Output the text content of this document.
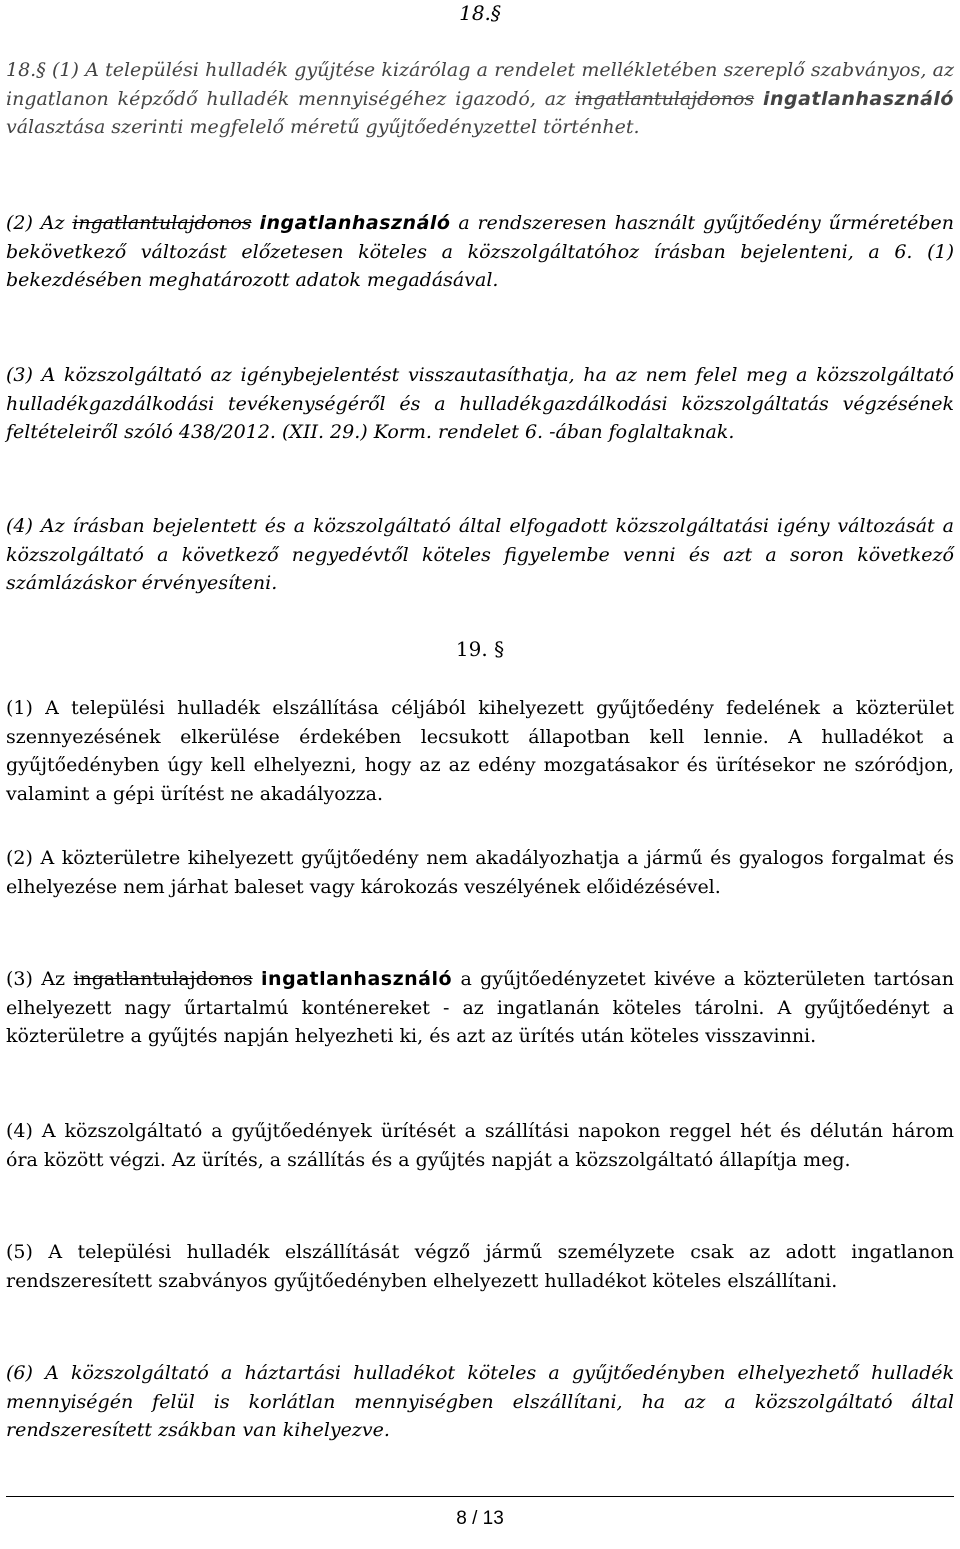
18.§

18.§ (1) A települési hulladék gyűjtése kizárólag a rendelet mellékletében szereplő szabványos, az ingatlanon képződő hulladék mennyiségéhez igazodó, az ingatlantulajdonos ingatlanhasználó választása szerinti megfelelő méretű gyűjtőedényzettel történhet.

(2) Az ingatlantulajdonos ingatlanhasználó a rendszeresen használt gyűjtőedény űrméretében bekövetkező változást előzetesen köteles a közszolgáltatóhoz írásban bejelenteni, a 6. (1) bekezdésében meghatározott adatok megadásával.

(3) A közszolgáltató az igénybejelentést visszautasíthatja, ha az nem felel meg a közszolgáltató hulladékgazdálkodási tevékenységéről és a hulladékgazdálkodási közszolgáltatás végzésének feltételeiről szóló 438/2012. (XII. 29.) Korm. rendelet 6. -ában foglaltaknak.

(4) Az írásban bejelentett és a közszolgáltató által elfogadott közszolgáltatási igény változását a közszolgáltató a következő negyedévtől köteles figyelembe venni és azt a soron következő számlázáskor érvényesíteni.

19. §

(1) A települési hulladék elszállítása céljából kihelyezett gyűjtőedény fedelének a közterület szennyezésének elkerülése érdekében lecsukott állapotban kell lennie. A hulladékot a gyűjtőedényben úgy kell elhelyezni, hogy az az edény mozgatásakor és ürítésekor ne szóródjon, valamint a gépi ürítést ne akadályozza.

(2) A közterületre kihelyezett gyűjtőedény nem akadályozhatja a jármű és gyalogos forgalmat és elhelyezése nem járhat baleset vagy károkozás veszélyének előidézésével.

(3) Az ingatlantulajdonos ingatlanhasználó a gyűjtőedényzetet kivéve a közterületen tartósan elhelyezett nagy űrtartalmú konténereket - az ingatlanán köteles tárolni. A gyűjtőedényt a közterületre a gyűjtés napján helyezheti ki, és azt az ürítés után köteles visszavinni.

(4) A közszolgáltató a gyűjtőedények ürítését a szállítási napokon reggel hét és délután három óra között végzi. Az ürítés, a szállítás és a gyűjtés napját a közszolgáltató állapítja meg.

(5) A települési hulladék elszállítását végző jármű személyzete csak az adott ingatlanon rendszeresített szabványos gyűjtőedényben elhelyezett hulladékot köteles elszállítani.

(6) A közszolgáltató a háztartási hulladékot köteles a gyűjtőedényben elhelyezhető hulladék mennyiségén felül is korlátlan mennyiségben elszállítani, ha az a közszolgáltató által rendszeresített zsákban van kihelyezve.

8 / 13
